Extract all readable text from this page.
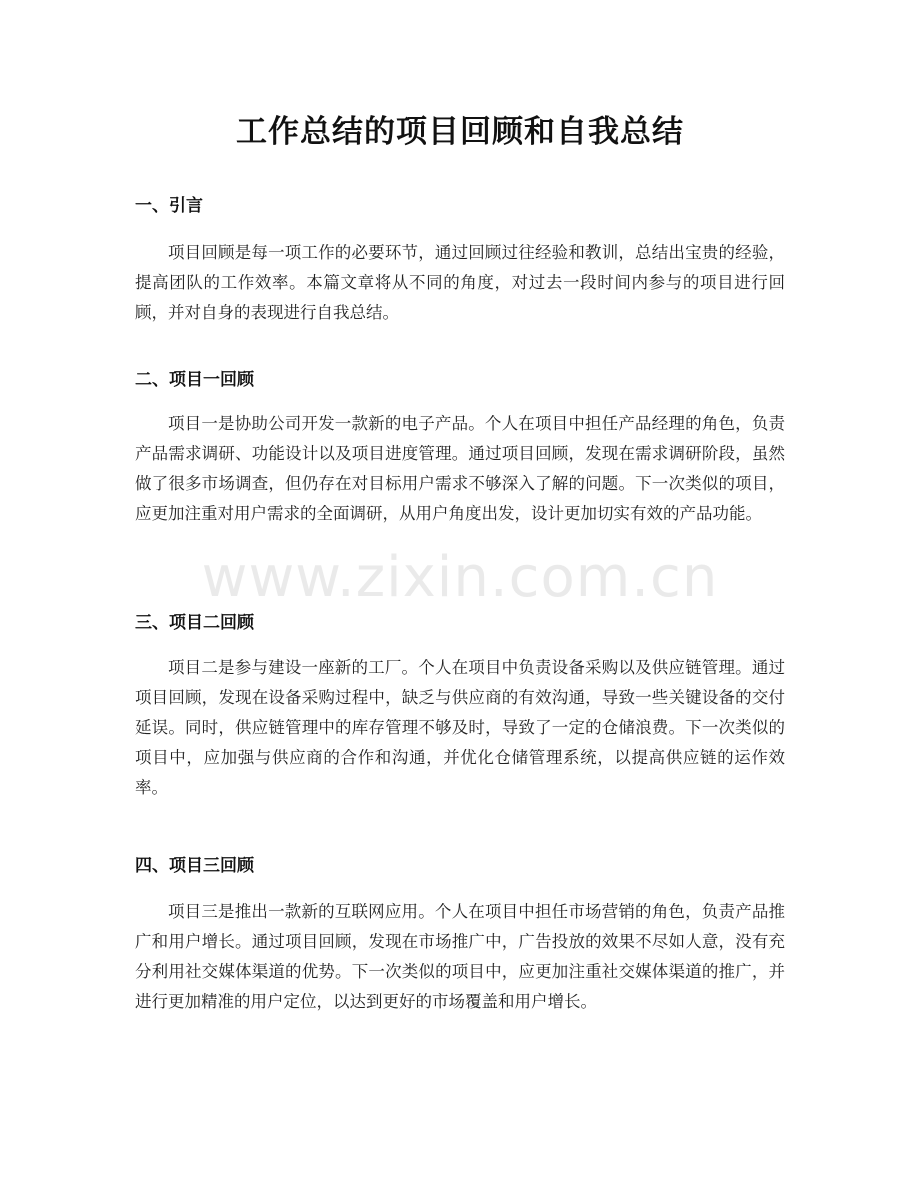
工作总结的项目回顾和自我总结
一、引言

项目回顾是每一项工作的必要环节，通过回顾过往经验和教训，总结出宝贵的经验，提高团队的工作效率。本篇文章将从不同的角度，对过去一段时间内参与的项目进行回顾，并对自身的表现进行自我总结。

二、项目一回顾

项目一是协助公司开发一款新的电子产品。个人在项目中担任产品经理的角色，负责产品需求调研、功能设计以及项目进度管理。通过项目回顾，发现在需求调研阶段，虽然做了很多市场调查，但仍存在对目标用户需求不够深入了解的问题。下一次类似的项目，应更加注重对用户需求的全面调研，从用户角度出发，设计更加切实有效的产品功能。

三、项目二回顾

项目二是参与建设一座新的工厂。个人在项目中负责设备采购以及供应链管理。通过项目回顾，发现在设备采购过程中，缺乏与供应商的有效沟通，导致一些关键设备的交付延误。同时，供应链管理中的库存管理不够及时，导致了一定的仓储浪费。下一次类似的项目中，应加强与供应商的合作和沟通，并优化仓储管理系统，以提高供应链的运作效率。

四、项目三回顾

项目三是推出一款新的互联网应用。个人在项目中担任市场营销的角色，负责产品推广和用户增长。通过项目回顾，发现在市场推广中，广告投放的效果不尽如人意，没有充分利用社交媒体渠道的优势。下一次类似的项目中，应更加注重社交媒体渠道的推广，并进行更加精准的用户定位，以达到更好的市场覆盖和用户增长。

www.zixin.com.cn
